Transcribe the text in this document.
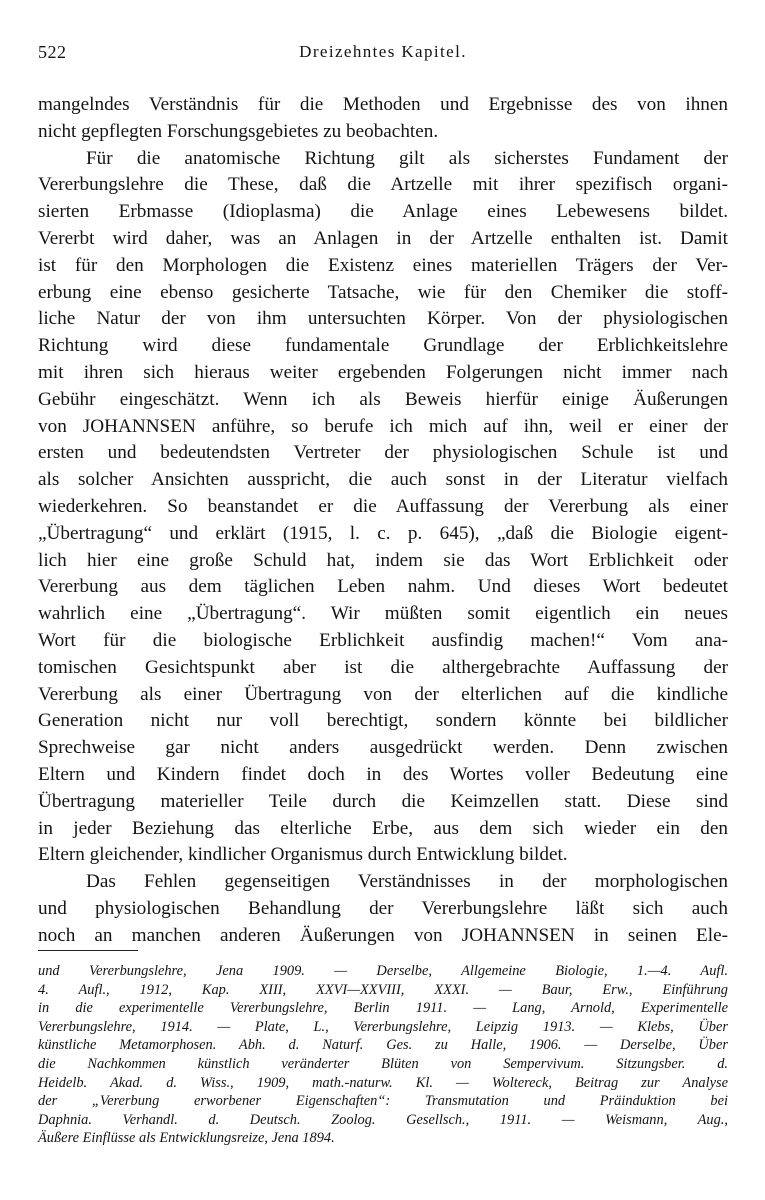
522	Dreizehntes Kapitel.
mangelndes Verständnis für die Methoden und Ergebnisse des von ihnen
nicht gepflegten Forschungsgebietes zu beobachten.
Für die anatomische Richtung gilt als sicherstes Fundament der
Vererbungslehre die These, daß die Artzelle mit ihrer spezifisch organi-
sierten Erbmasse (Idioplasma) die Anlage eines Lebewesens bildet.
Vererbt wird daher, was an Anlagen in der Artzelle enthalten ist. Damit
ist für den Morphologen die Existenz eines materiellen Trägers der Ver-
erbung eine ebenso gesicherte Tatsache, wie für den Chemiker die stoff-
liche Natur der von ihm untersuchten Körper. Von der physiologischen
Richtung wird diese fundamentale Grundlage der Erblichkeitslehre
mit ihren sich hieraus weiter ergebenden Folgerungen nicht immer nach
Gebühr eingeschätzt. Wenn ich als Beweis hierfür einige Äußerungen
von JOHANNSEN anführe, so berufe ich mich auf ihn, weil er einer der
ersten und bedeutendsten Vertreter der physiologischen Schule ist und
als solcher Ansichten ausspricht, die auch sonst in der Literatur vielfach
wiederkehren. So beanstandet er die Auffassung der Vererbung als einer
„Übertragung“ und erklärt (1915, l. c. p. 645), „daß die Biologie eigent-
lich hier eine große Schuld hat, indem sie das Wort Erblichkeit oder
Vererbung aus dem täglichen Leben nahm. Und dieses Wort bedeutet
wahrlich eine „Übertragung“. Wir müßten somit eigentlich ein neues
Wort für die biologische Erblichkeit ausfindig machen!“ Vom ana-
tomischen Gesichtspunkt aber ist die althergebrachte Auffassung der
Vererbung als einer Übertragung von der elterlichen auf die kindliche
Generation nicht nur voll berechtigt, sondern könnte bei bildlicher
Sprechweise gar nicht anders ausgedrückt werden. Denn zwischen
Eltern und Kindern findet doch in des Wortes voller Bedeutung eine
Übertragung materieller Teile durch die Keimzellen statt. Diese sind
in jeder Beziehung das elterliche Erbe, aus dem sich wieder ein den
Eltern gleichender, kindlicher Organismus durch Entwicklung bildet.
Das Fehlen gegenseitigen Verständnisses in der morphologischen
und physiologischen Behandlung der Vererbungslehre läßt sich auch
noch an manchen anderen Äußerungen von JOHANNSEN in seinen Ele-
und Vererbungslehre, Jena 1909. — Derselbe, Allgemeine Biologie, 1.—4. Aufl.
4. Aufl., 1912, Kap. XIII, XXVI—XXVIII, XXXI. — Baur, Erw., Einführung
in die experimentelle Vererbungslehre, Berlin 1911. — Lang, Arnold, Experimentelle
Vererbungslehre, 1914. — Plate, L., Vererbungslehre, Leipzig 1913. — Klebs, Über
künstliche Metamorphosen. Abh. d. Naturf. Ges. zu Halle, 1906. — Derselbe, Über
die Nachkommen künstlich veränderter Blüten von Sempervivum. Sitzungsber. d.
Heidelb. Akad. d. Wiss., 1909, math.-naturw. Kl. — Woltereck, Beitrag zur Analyse
der „Vererbung erworbener Eigenschaften“: Transmutation und Präinduktion bei
Daphnia. Verhandl. d. Deutsch. Zoolog. Gesellsch., 1911. — Weismann, Aug.,
Äußere Einflüsse als Entwicklungsreize, Jena 1894.
